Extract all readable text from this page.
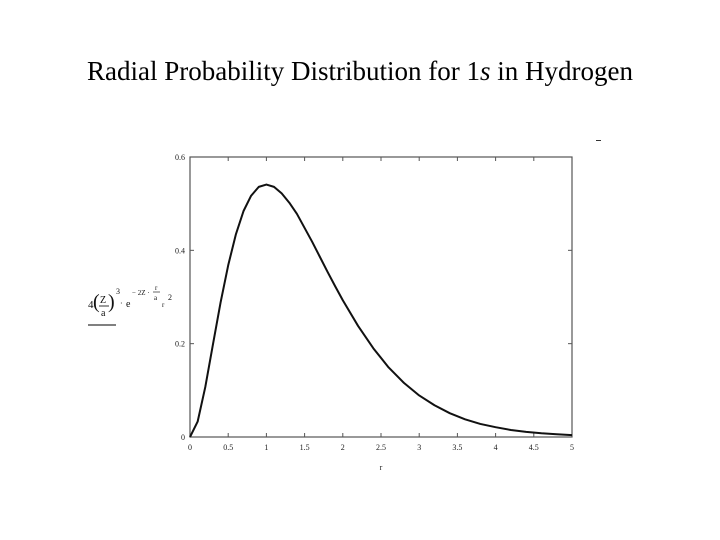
Radial Probability Distribution for 1s in Hydrogen
0	0.5	1	1.5	2	2.5	3	3.5	4	4.5	5
0
0.2
0.4
0.6
r
4 ( Z
a
) 3
· e
− 2Z ·
r
a
r
2
